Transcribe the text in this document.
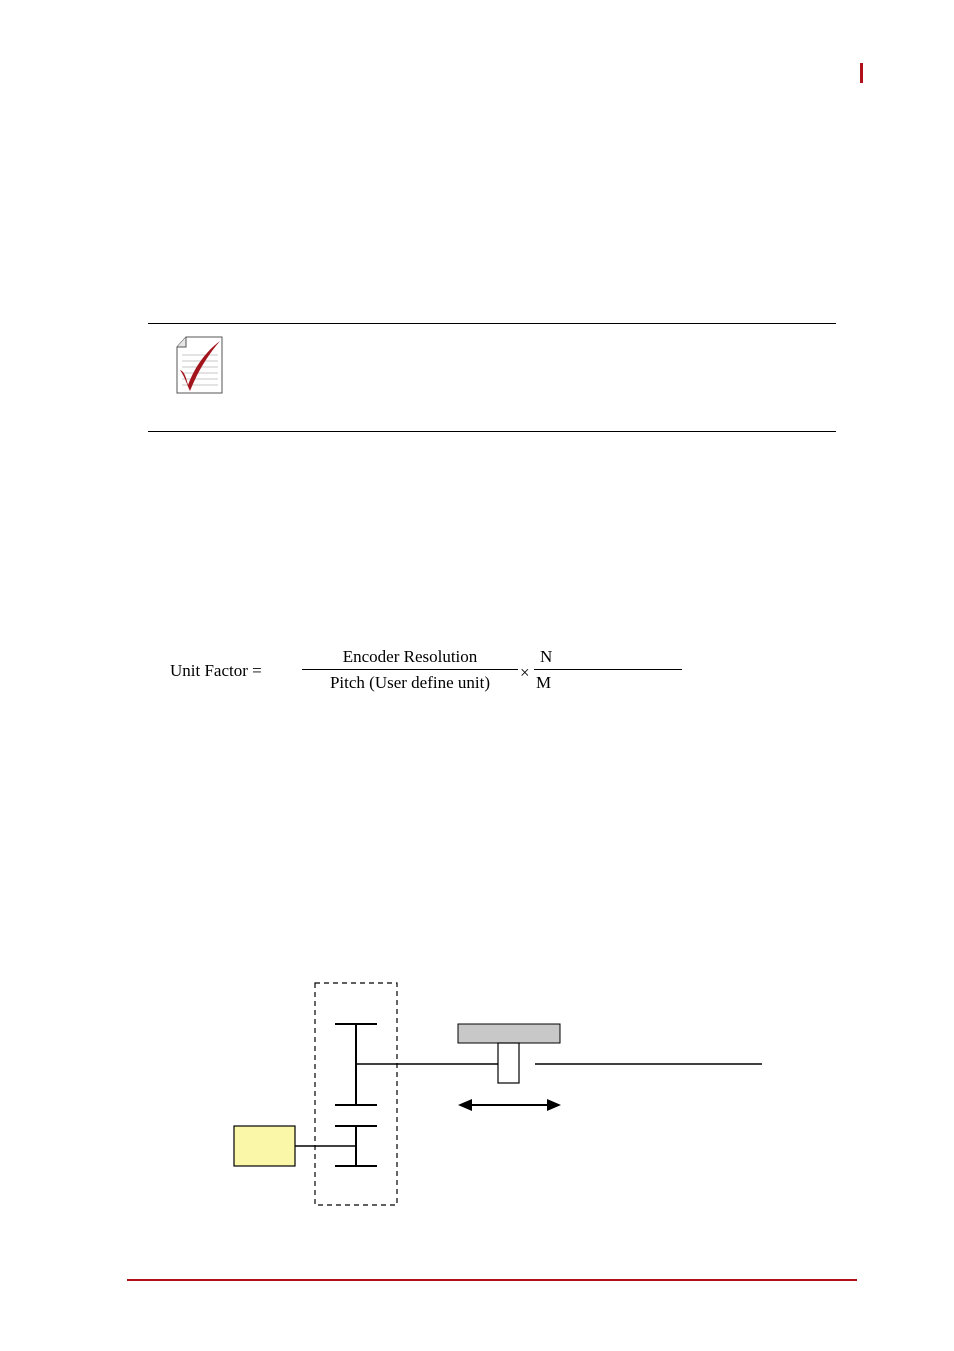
Unit Factor =
Encoder Resolution
Pitch (User define unit)
×
N
M
